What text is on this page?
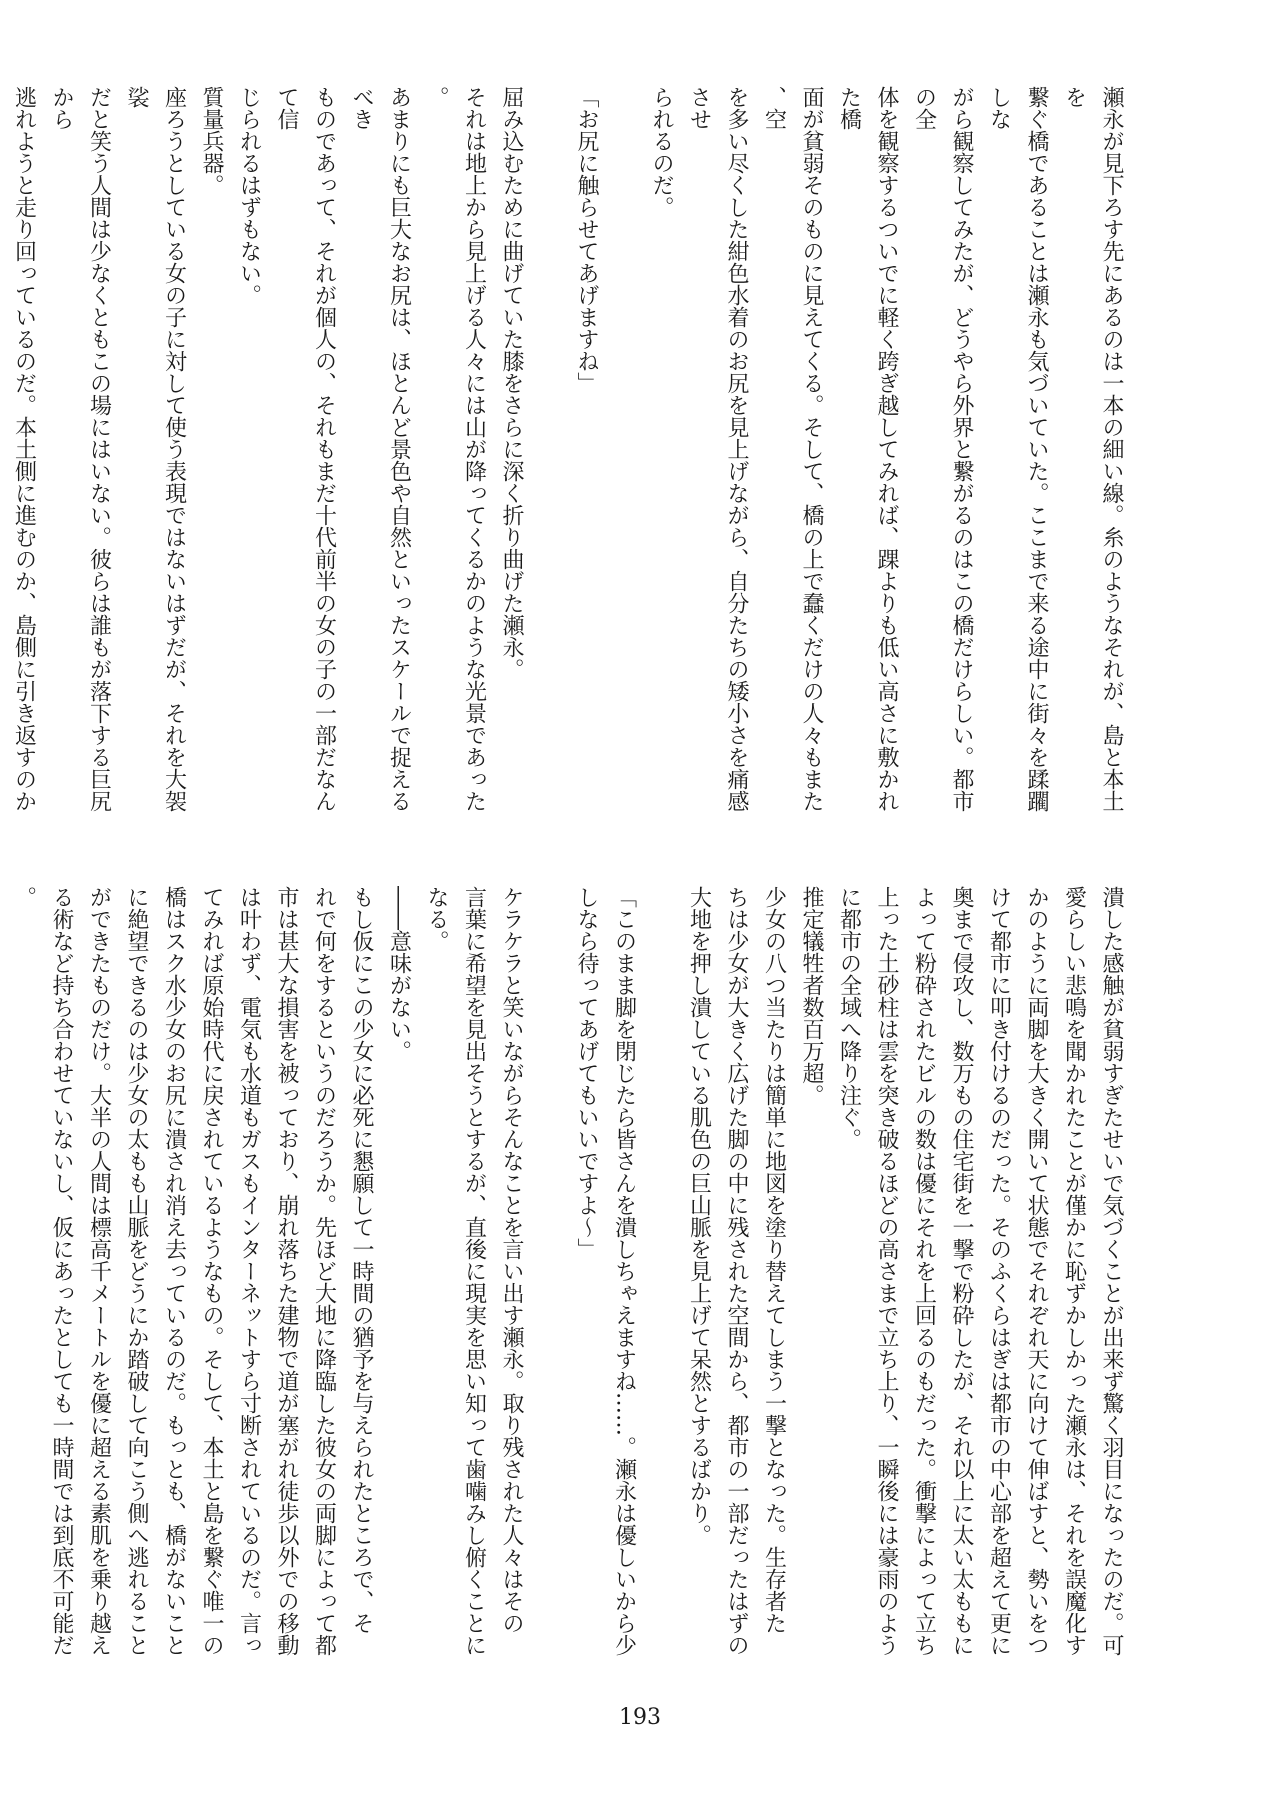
瀬永が見下ろす先にあるのは一本の細い線。糸のようなそれが、島と本土を
繋ぐ橋であることは瀬永も気づいていた。ここまで来る途中に街々を蹂躙しな
がら観察してみたが、どうやら外界と繋がるのはこの橋だけらしい。都市の全
体を観察するついでに軽く跨ぎ越してみれば、踝よりも低い高さに敷かれた橋
面が貧弱そのものに見えてくる。そして、橋の上で蠢くだけの人々もまた、空
を多い尽くした紺色水着のお尻を見上げながら、自分たちの矮小さを痛感させ
られるのだ。

「お尻に触らせてあげますね」

屈み込むために曲げていた膝をさらに深く折り曲げた瀬永。
それは地上から見上げる人々には山が降ってくるかのような光景であった。
あまりにも巨大なお尻は、ほとんど景色や自然といったスケールで捉えるべき
ものであって、それが個人の、それもまだ十代前半の女の子の一部だなんて信
じられるはずもない。
質量兵器。
座ろうとしている女の子に対して使う表現ではないはずだが、それを大袈裟
だと笑う人間は少なくともこの場にはいない。彼らは誰もが落下する巨尻から
逃れようと走り回っているのだ。本土側に進むのか、島側に引き返すのか

潰した感触が貧弱すぎたせいで気づくことが出来ず驚く羽目になったのだ。可
愛らしい悲鳴を聞かれたことが僅かに恥ずかしかった瀬永は、それを誤魔化す
かのように両脚を大きく開いて状態でそれぞれ天に向けて伸ばすと、勢いをつ
けて都市に叩き付けるのだった。そのふくらはぎは都市の中心部を超えて更に
奥まで侵攻し、数万もの住宅街を一撃で粉砕したが、それ以上に太い太ももに
よって粉砕されたビルの数は優にそれを上回るのもだった。衝撃によって立ち
上った土砂柱は雲を突き破るほどの高さまで立ち上り、一瞬後には豪雨のよう
に都市の全域へ降り注ぐ。
推定犠牲者数百万超。
少女の八つ当たりは簡単に地図を塗り替えてしまう一撃となった。生存者た
ちは少女が大きく広げた脚の中に残された空間から、都市の一部だったはずの
大地を押し潰している肌色の巨山脈を見上げて呆然とするばかり。

「このまま脚を閉じたら皆さんを潰しちゃえますね……。瀬永は優しいから少
しなら待ってあげてもいいですよ〜」

ケラケラと笑いながらそんなことを言い出す瀬永。取り残された人々はその
言葉に希望を見出そうとするが、直後に現実を思い知って歯噛みし俯くことに
なる。
――意味がない。
もし仮にこの少女に必死に懇願して一時間の猶予を与えられたところで、そ
れで何をするというのだろうか。先ほど大地に降臨した彼女の両脚によって都
市は甚大な損害を被っており、崩れ落ちた建物で道が塞がれ徒歩以外での移動
は叶わず、電気も水道もガスもインターネットすら寸断されているのだ。言っ
てみれば原始時代に戻されているようなもの。そして、本土と島を繋ぐ唯一の
橋はスク水少女のお尻に潰され消え去っているのだ。もっとも、橋がないこと
に絶望できるのは少女の太もも山脈をどうにか踏破して向こう側へ逃れること
ができたものだけ。大半の人間は標高千メートルを優に超える素肌を乗り越え
る術など持ち合わせていないし、仮にあったとしても一時間では到底不可能だ。
193
